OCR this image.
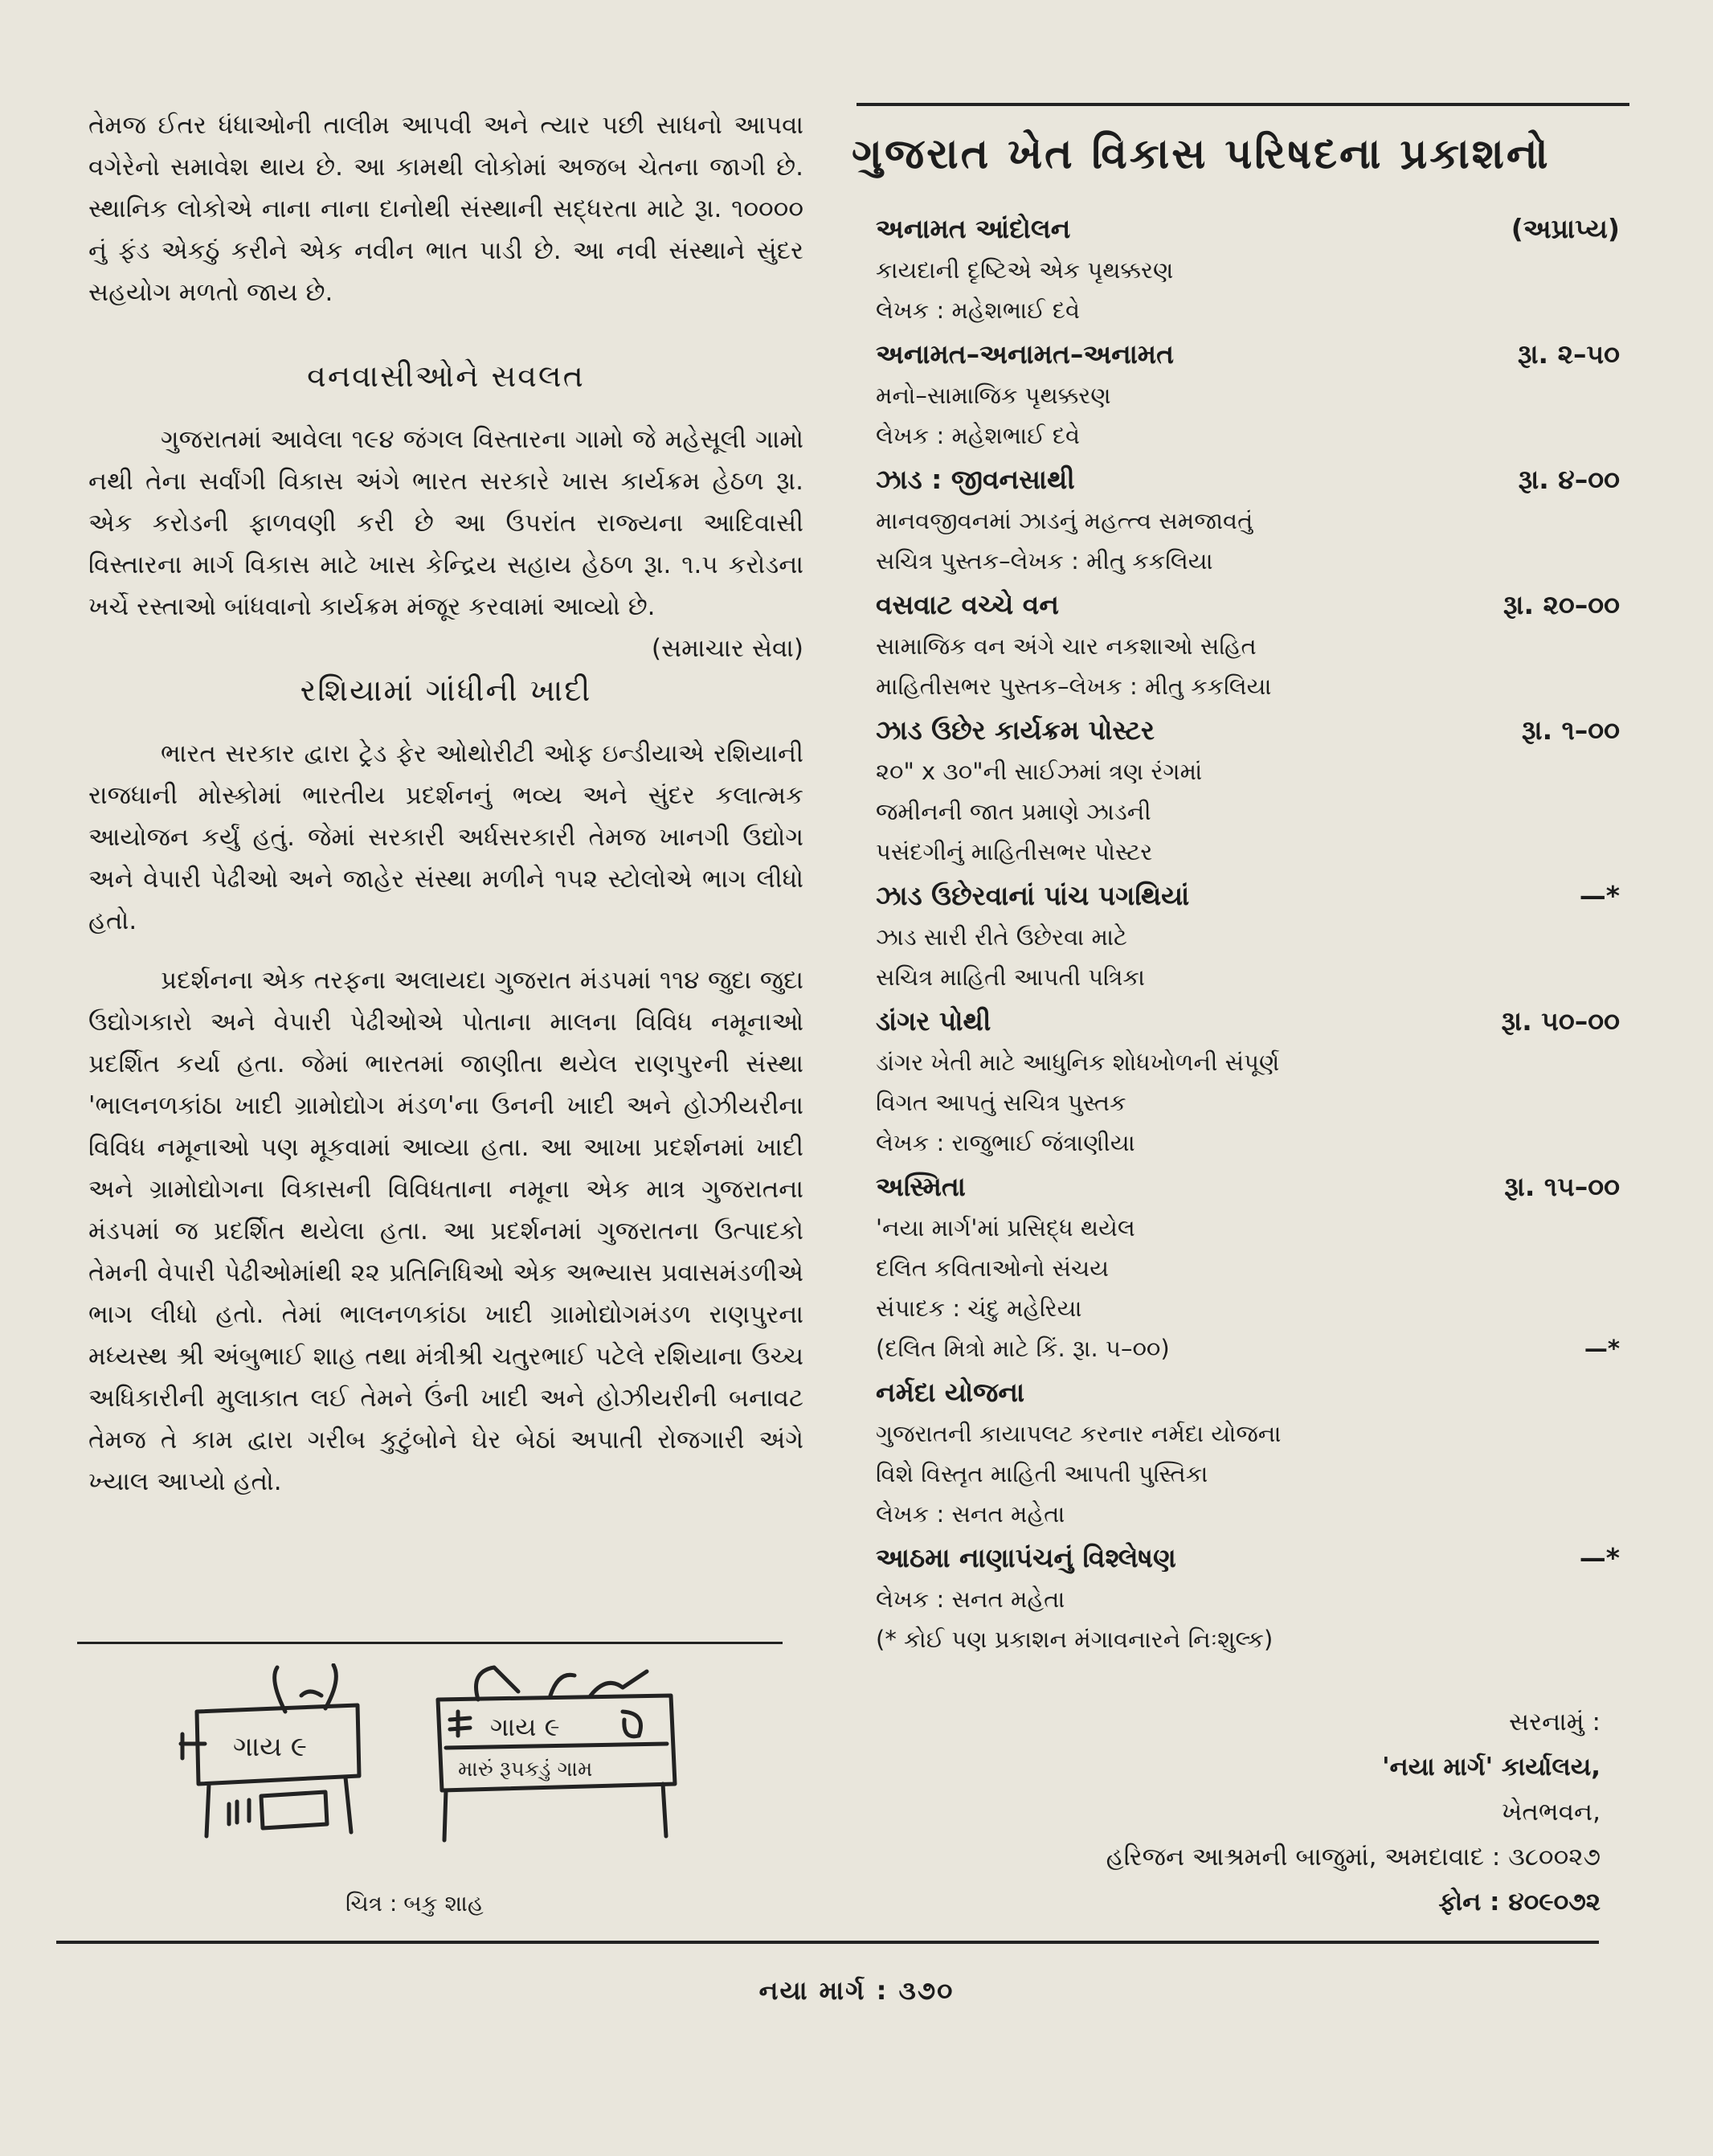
તેમજ ઈતર ધંધાઓની તાલીમ આપવી અને ત્યાર પછી સાધનો આપવા વગેરેનો સમાવેશ થાય છે. આ કામથી લોકોમાં અજબ ચેતના જાગી છે. સ્થાનિક લોકોએ નાના નાના દાનોથી સંસ્થાની સદ્ધરતા માટે રૂા. ૧૦૦૦૦ નું ફંડ એકઠું કરીને એક નવીન ભાત પાડી છે. આ નવી સંસ્થાને સુંદર સહયોગ મળતો જાય છે.

વનવાસીઓને સવલત

ગુજરાતમાં આવેલા ૧૯૪ જંગલ વિસ્તારના ગામો જે મહેસૂલી ગામો નથી તેના સર્વાંગી વિકાસ અંગે ભારત સરકારે ખાસ કાર્યક્રમ હેઠળ રૂા. એક કરોડની ફાળવણી કરી છે આ ઉપરાંત રાજ્યના આદિવાસી વિસ્તારના માર્ગ વિકાસ માટે ખાસ કેન્દ્રિય સહાય હેઠળ રૂા. ૧.૫ કરોડના ખર્ચે રસ્તાઓ બાંધવાનો કાર્યક્રમ મંજૂર કરવામાં આવ્યો છે.
(સમાચાર સેવા)

રશિયામાં ગાંધીની ખાદી

ભારત સરકાર દ્વારા ટ્રેડ ફેર ઓથોરીટી ઓફ ઇન્ડીયાએ રશિયાની રાજધાની મોસ્કોમાં ભારતીય પ્રદર્શનનું ભવ્ય અને સુંદર કલાત્મક આયોજન કર્યું હતું. જેમાં સરકારી અર્ધસરકારી તેમજ ખાનગી ઉદ્યોગ અને વેપારી પેઢીઓ અને જાહેર સંસ્થા મળીને ૧૫૨ સ્ટોલોએ ભાગ લીધો હતો.

પ્રદર્શનના એક તરફના અલાયદા ગુજરાત મંડપમાં ૧૧૪ જુદા જુદા ઉદ્યોગકારો અને વેપારી પેઢીઓએ પોતાના માલના વિવિધ નમૂનાઓ પ્રદર્શિત કર્યા હતા. જેમાં ભારતમાં જાણીતા થયેલ રાણપુરની સંસ્થા 'ભાલનળકાંઠા ખાદી ગ્રામોદ્યોગ મંડળ'ના ઉનની ખાદી અને હોઝીયરીના વિવિધ નમૂનાઓ પણ મૂકવામાં આવ્યા હતા. આ આખા પ્રદર્શનમાં ખાદી અને ગ્રામોદ્યોગના વિકાસની વિવિધતાના નમૂના એક માત્ર ગુજરાતના મંડપમાં જ પ્રદર્શિત થયેલા હતા. આ પ્રદર્શનમાં ગુજરાતના ઉત્પાદકો તેમની વેપારી પેઢીઓમાંથી ૨૨ પ્રતિનિધિઓ એક અભ્યાસ પ્રવાસમંડળીએ ભાગ લીધો હતો. તેમાં ભાલનળકાંઠા ખાદી ગ્રામોદ્યોગમંડળ રાણપુરના મધ્યસ્થ શ્રી અંબુભાઈ શાહ તથા મંત્રીશ્રી ચતુરભાઈ પટેલે રશિયાના ઉચ્ચ અધિકારીની મુલાકાત લઈ તેમને ઉંની ખાદી અને હોઝીયરીની બનાવટ તેમજ તે કામ દ્વારા ગરીબ કુટુંબોને ઘેર બેઠાં અપાતી રોજગારી અંગે ખ્યાલ આપ્યો હતો.

ગાય ૯
ગાય ૯
મારું રૂપકડું ગામ
ચિત્ર : બકુ શાહ
ગુજરાત ખેત વિકાસ પરિષદના પ્રકાશનો
અનામત આંદોલન	(અપ્રાપ્ય)
કાયદાની દૃષ્ટિએ એક પૃથક્કરણ
લેખક : મહેશભાઈ દવે
અનામત–અનામત–અનામત	રૂા. ૨–૫૦
મનો–સામાજિક પૃથક્કરણ
લેખક : મહેશભાઈ દવે
ઝાડ : જીવનસાથી	રૂા. ૪–૦૦
માનવજીવનમાં ઝાડનું મહત્ત્વ સમજાવતું
સચિત્ર પુસ્તક–લેખક : મીતુ કકલિયા
વસવાટ વચ્ચે વન	રૂા. ૨૦–૦૦
સામાજિક વન અંગે ચાર નકશાઓ સહિત
માહિતીસભર પુસ્તક–લેખક : મીતુ કકલિયા
ઝાડ ઉછેર કાર્યક્રમ પોસ્ટર	રૂા. ૧–૦૦
૨૦" x ૩૦"ની સાઈઝમાં ત્રણ રંગમાં
જમીનની જાત પ્રમાણે ઝાડની
પસંદગીનું માહિતીસભર પોસ્ટર
ઝાડ ઉછેરવાનાં પાંચ પગથિયાં	—*
ઝાડ સારી રીતે ઉછેરવા માટે
સચિત્ર માહિતી આપતી પત્રિકા
ડાંગર પોથી	રૂા. ૫૦–૦૦
ડાંગર ખેતી માટે આધુનિક શોધખોળની સંપૂર્ણ
વિગત આપતું સચિત્ર પુસ્તક
લેખક : રાજુભાઈ જંત્રાણીયા
અસ્મિતા	રૂા. ૧૫–૦૦
'નયા માર્ગ'માં પ્રસિદ્ધ થયેલ
દલિત કવિતાઓનો સંચય
સંપાદક : ચંદુ મહેરિયા
(દલિત મિત્રો માટે કિં. રૂા. ૫–૦૦)	—*
નર્મદા યોજના
ગુજરાતની કાયાપલટ કરનાર નર્મદા યોજના
વિશે વિસ્તૃત માહિતી આપતી પુસ્તિકા
લેખક : સનત મહેતા
આઠમા નાણાપંચનું વિશ્લેષણ	—*
લેખક : સનત મહેતા
(* કોઈ પણ પ્રકાશન મંગાવનારને નિઃશુલ્ક)
સરનામું :
'નયા માર્ગ' કાર્યાલય,
ખેતભવન,
હરિજન આશ્રમની બાજુમાં, અમદાવાદ : ૩૮૦૦૨૭
ફોન : ૪૦૯૦૭૨
નયા માર્ગ : ૩૭૦
